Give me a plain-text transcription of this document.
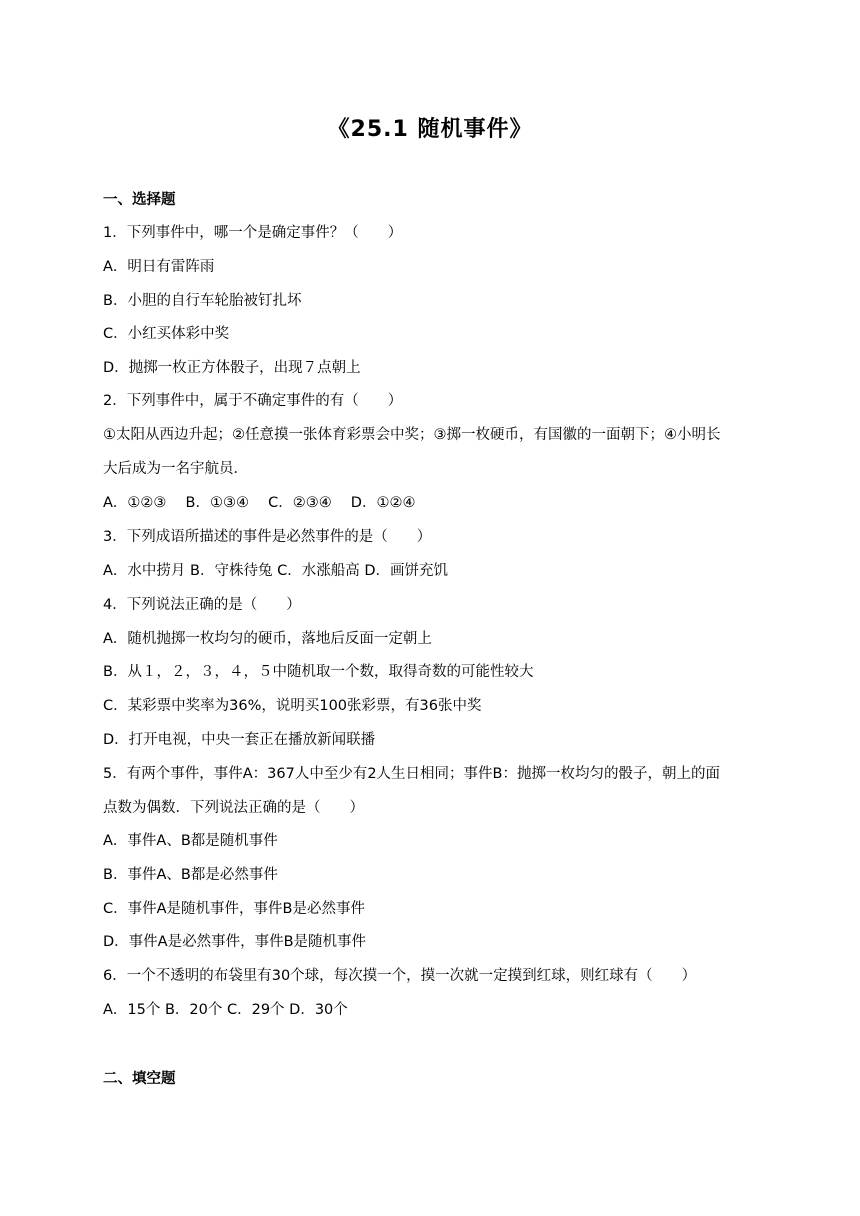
《25.1 随机事件》
一、选择题
1．下列事件中，哪一个是确定事件？（　　）
A．明日有雷阵雨
B．小胆的自行车轮胎被钉扎坏
C．小红买体彩中奖
D．抛掷一枚正方体骰子，出现７点朝上
2．下列事件中，属于不确定事件的有（　　）
①太阳从西边升起；②任意摸一张体育彩票会中奖；③掷一枚硬币，有国徽的一面朝下；④小明长
大后成为一名宇航员．
A．①②③　 B．①③④　 C．②③④　 D．①②④
3．下列成语所描述的事件是必然事件的是（　　）
A．水中捞月 B．守株待兔 C．水涨船高 D．画饼充饥
4．下列说法正确的是（　　）
A．随机抛掷一枚均匀的硬币，落地后反面一定朝上
B．从１，２，３，４，５中随机取一个数，取得奇数的可能性较大
C．某彩票中奖率为36%，说明买100张彩票，有36张中奖
D．打开电视，中央一套正在播放新闻联播
5．有两个事件，事件A：367人中至少有2人生日相同；事件B：抛掷一枚均匀的骰子，朝上的面
点数为偶数．下列说法正确的是（　　）
A．事件A、B都是随机事件
B．事件A、B都是必然事件
C．事件A是随机事件，事件B是必然事件
D．事件A是必然事件，事件B是随机事件
6．一个不透明的布袋里有30个球，每次摸一个，摸一次就一定摸到红球，则红球有（　　）
A．15个 B．20个 C．29个 D．30个
二、填空题
